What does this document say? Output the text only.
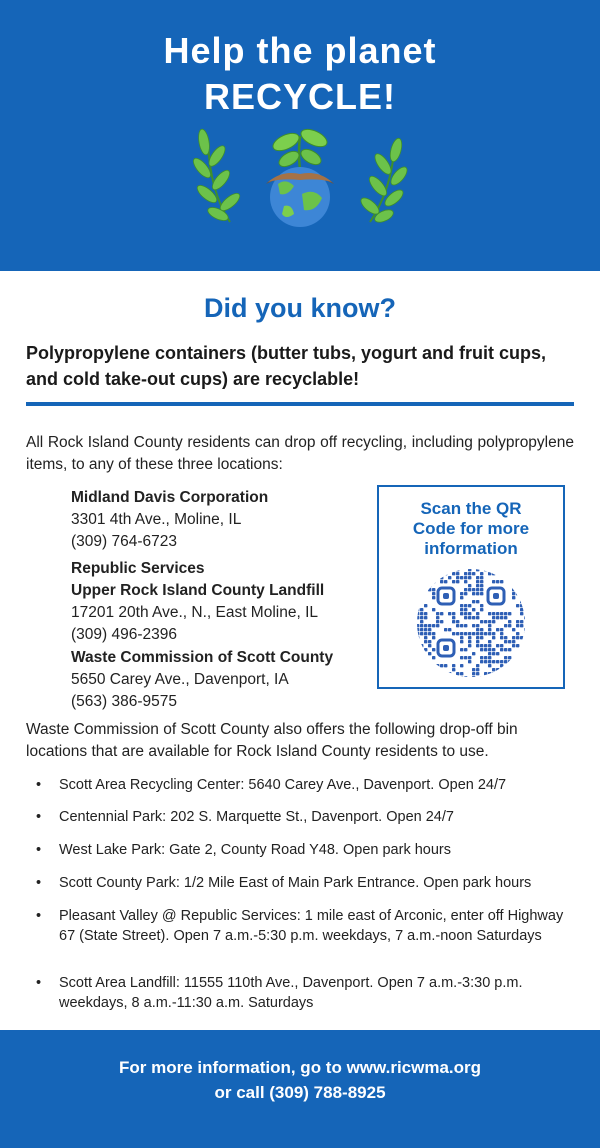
Help the planet
RECYCLE!
Did you know?
Polypropylene containers (butter tubs, yogurt and fruit cups, and cold take-out cups) are recyclable!
All Rock Island County residents can drop off recycling, including polypropylene items, to any of these three locations:
Midland Davis Corporation
3301 4th Ave., Moline, IL
(309) 764-6723
Republic Services
Upper Rock Island County Landfill
17201 20th Ave., N., East Moline, IL
(309) 496-2396
Waste Commission of Scott County
5650 Carey Ave., Davenport, IA
(563) 386-9575
Scan the QR
Code for more
information
Waste Commission of Scott County also offers the following drop-off bin locations that are available for Rock Island County residents to use.
• Scott Area Recycling Center: 5640 Carey Ave., Davenport. Open 24/7
• Centennial Park: 202 S. Marquette St., Davenport. Open 24/7
• West Lake Park: Gate 2, County Road Y48. Open park hours
• Scott County Park: 1/2 Mile East of Main Park Entrance. Open park hours
• Pleasant Valley @ Republic Services: 1 mile east of Arconic, enter off Highway 67 (State Street). Open 7 a.m.-5:30 p.m. weekdays, 7 a.m.-noon Saturdays
• Scott Area Landfill: 11555 110th Ave., Davenport. Open 7 a.m.-3:30 p.m. weekdays, 8 a.m.-11:30 a.m. Saturdays
For more information, go to www.ricwma.org
or call (309) 788-8925
